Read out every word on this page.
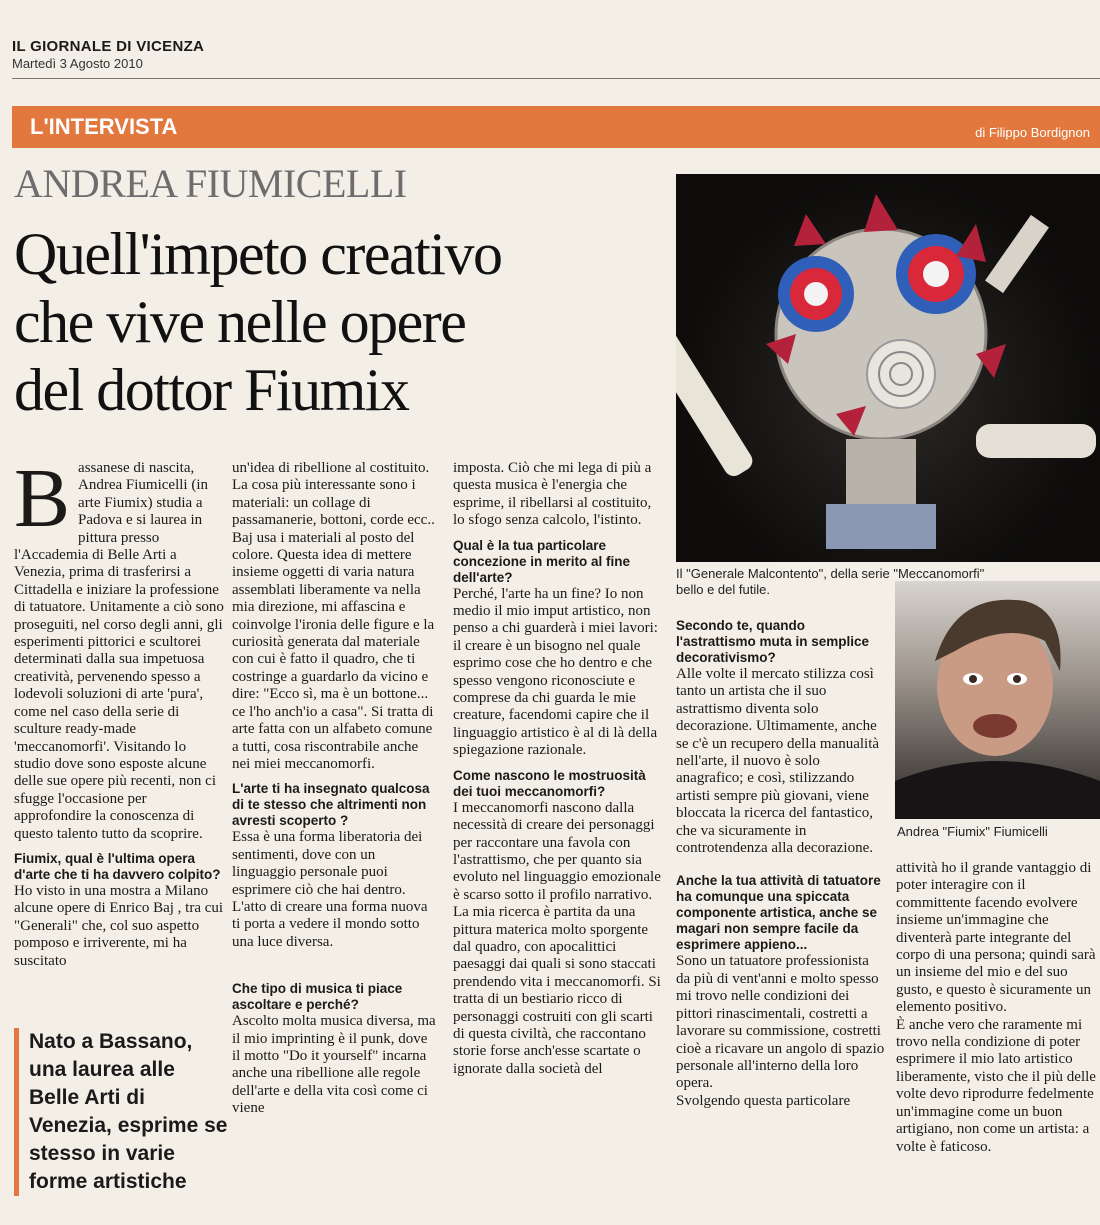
IL GIORNALE DI VICENZA
Martedì 3 Agosto 2010
L'INTERVISTA	di Filippo Bordignon
ANDREA FIUMICELLI
Quell'impeto creativo
che vive nelle opere
del dottor Fiumix
B assanese di nascita, Andrea Fiumicelli (in arte Fiumix) studia a Padova e si laurea in pittura presso l'Accademia di Belle Arti a Venezia, prima di trasferirsi a Cittadella e iniziare la professione di tatuatore. Unitamente a ciò sono proseguiti, nel corso degli anni, gli esperimenti pittorici e scultorei determinati dalla sua impetuosa creatività, pervenendo spesso a lodevoli soluzioni di arte 'pura', come nel caso della serie di sculture ready-made 'meccanomorfi'. Visitando lo studio dove sono esposte alcune delle sue opere più recenti, non ci sfugge l'occasione per approfondire la conoscenza di questo talento tutto da scoprire.

Fiumix, qual è l'ultima opera d'arte che ti ha davvero colpito?

Ho visto in una mostra a Milano alcune opere di Enrico Baj , tra cui "Generali" che, col suo aspetto pomposo e irriverente, mi ha suscitato

Nato a Bassano, una laurea alle Belle Arti di Venezia, esprime se stesso in varie forme artistiche

un'idea di ribellione al costituito. La cosa più interessante sono i materiali: un collage di passamanerie, bottoni, corde ecc.. Baj usa i materiali al posto del colore. Questa idea di mettere insieme oggetti di varia natura assemblati liberamente va nella mia direzione, mi affascina e coinvolge l'ironia delle figure e la curiosità generata dal materiale con cui è fatto il quadro, che ti costringe a guardarlo da vicino e dire: "Ecco sì, ma è un bottone... ce l'ho anch'io a casa". Si tratta di arte fatta con un alfabeto comune a tutti, cosa riscontrabile anche nei miei meccanomorfi.

L'arte ti ha insegnato qualcosa di te stesso che altrimenti non avresti scoperto ?

Essa è una forma liberatoria dei sentimenti, dove con un linguaggio personale puoi esprimere ciò che hai dentro. L'atto di creare una forma nuova ti porta a vedere il mondo sotto una luce diversa.

Che tipo di musica ti piace ascoltare e perché?

Ascolto molta musica diversa, ma il mio imprinting è il punk, dove il motto "Do it yourself" incarna anche una ribellione alle regole dell'arte e della vita così come ci viene

imposta. Ciò che mi lega di più a questa musica è l'energia che esprime, il ribellarsi al costituito, lo sfogo senza calcolo, l'istinto.

Qual è la tua particolare concezione in merito al fine dell'arte?

Perché, l'arte ha un fine? Io non medio il mio imput artistico, non penso a chi guarderà i miei lavori: il creare è un bisogno nel quale esprimo cose che ho dentro e che spesso vengono riconosciute e comprese da chi guarda le mie creature, facendomi capire che il linguaggio artistico è al di là della spiegazione razionale.

Come nascono le mostruosità dei tuoi meccanomorfi?

I meccanomorfi nascono dalla necessità di creare dei personaggi per raccontare una favola con l'astrattismo, che per quanto sia evoluto nel linguaggio emozionale è scarso sotto il profilo narrativo. La mia ricerca è partita da una pittura materica molto sporgente dal quadro, con apocalittici paesaggi dai quali si sono staccati prendendo vita i meccanomorfi. Si tratta di un bestiario ricco di personaggi costruiti con gli scarti di questa civiltà, che raccontano storie forse anch'esse scartate o ignorate dalla società del

Il "Generale Malcontento", della serie "Meccanomorfi"
bello e del futile.
Andrea "Fiumix" Fiumicelli

Secondo te, quando l'astrattismo muta in semplice decorativismo?

Alle volte il mercato stilizza così tanto un artista che il suo astrattismo diventa solo decorazione. Ultimamente, anche se c'è un recupero della manualità nell'arte, il nuovo è solo anagrafico; e così, stilizzando artisti sempre più giovani, viene bloccata la ricerca del fantastico, che va sicuramente in controtendenza alla decorazione.

Anche la tua attività di tatuatore ha comunque una spiccata componente artistica, anche se magari non sempre facile da esprimere appieno...

Sono un tatuatore professionista da più di vent'anni e molto spesso mi trovo nelle condizioni dei pittori rinascimentali, costretti a lavorare su commissione, costretti cioè a ricavare un angolo di spazio personale all'interno della loro opera.

Svolgendo questa particolare

attività ho il grande vantaggio di poter interagire con il committente facendo evolvere insieme un'immagine che diventerà parte integrante del corpo di una persona; quindi sarà un insieme del mio e del suo gusto, e questo è sicuramente un elemento positivo.

È anche vero che raramente mi trovo nella condizione di poter esprimere il mio lato artistico liberamente, visto che il più delle volte devo riprodurre fedelmente un'immagine come un buon artigiano, non come un artista: a volte è faticoso.
